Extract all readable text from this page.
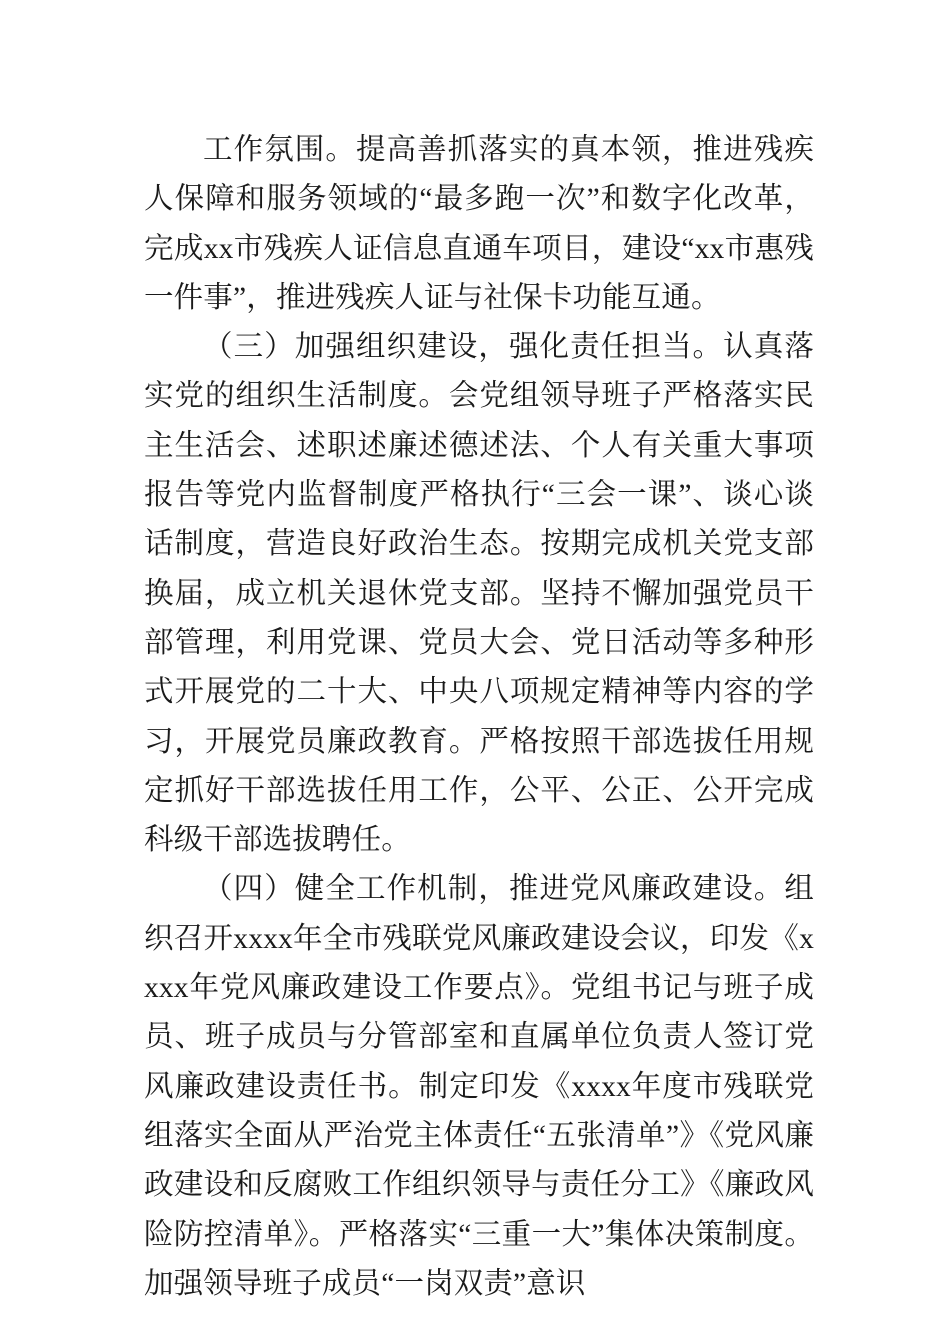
工作氛围。提高善抓落实的真本领，推进残疾人保障和服务领域的“最多跑一次”和数字化改革，完成xx市残疾人证信息直通车项目，建设“xx市惠残一件事”，推进残疾人证与社保卡功能互通。

（三）加强组织建设，强化责任担当。认真落实党的组织生活制度。会党组领导班子严格落实民主生活会、述职述廉述德述法、个人有关重大事项报告等党内监督制度严格执行“三会一课”、谈心谈话制度，营造良好政治生态。按期完成机关党支部换届，成立机关退休党支部。坚持不懈加强党员干部管理，利用党课、党员大会、党日活动等多种形式开展党的二十大、中央八项规定精神等内容的学习，开展党员廉政教育。严格按照干部选拔任用规定抓好干部选拔任用工作，公平、公正、公开完成科级干部选拔聘任。

（四）健全工作机制，推进党风廉政建设。组织召开xxxx年全市残联党风廉政建设会议，印发《xxxx年党风廉政建设工作要点》。党组书记与班子成员、班子成员与分管部室和直属单位负责人签订党风廉政建设责任书。制定印发《xxxx年度市残联党组落实全面从严治党主体责任“五张清单”》《党风廉政建设和反腐败工作组织领导与责任分工》《廉政风险防控清单》。严格落实“三重一大”集体决策制度。加强领导班子成员“一岗双责”意识
